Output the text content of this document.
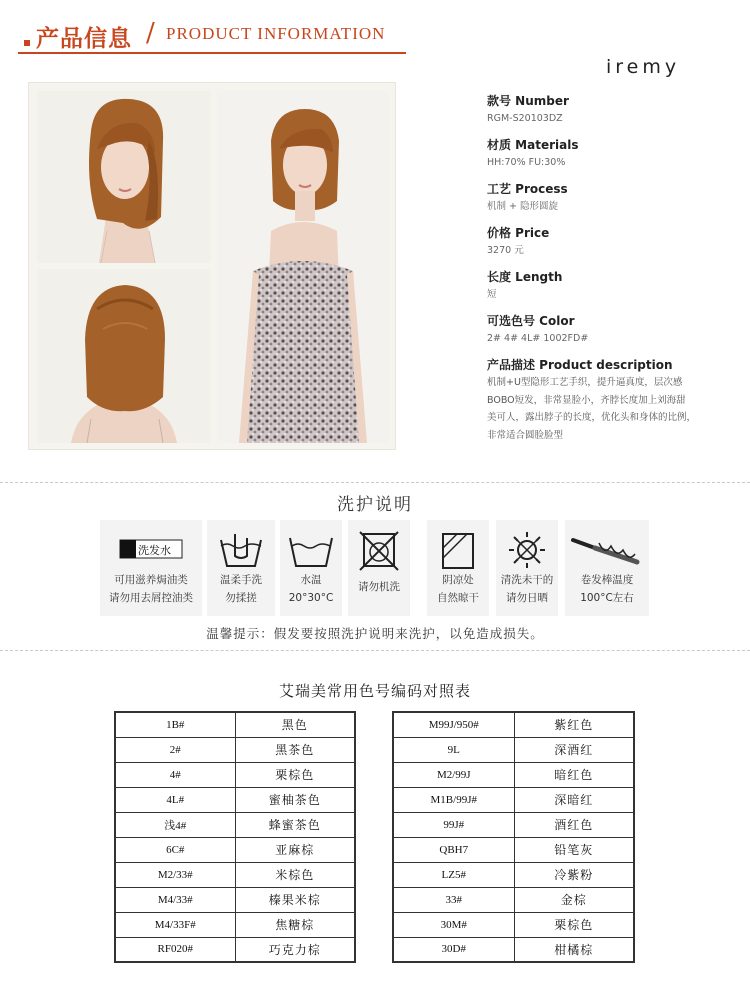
产品信息 / PRODUCT INFORMATION
iremy
款号 Number
RGM-S20103DZ
材质 Materials
HH:70% FU:30%
工艺 Process
机制 + 隐形圆旋
价格 Price
3270 元
长度 Length
短
可选色号 Color
2# 4# 4L# 1002FD#
产品描述 Product description
机制+U型隐形工艺手织，提升逼真度，层次感
BOBO短发，非常显脸小，齐脖长度加上刘海甜
美可人，露出脖子的长度，优化头和身体的比例，
非常适合圆脸脸型
洗护说明
洗发水
可用滋养焗油类
请勿用去屑控油类
温柔手洗
勿揉搓
水温
20°30°C
请勿机洗
阴凉处
自然晾干
清洗未干的
请勿日晒
卷发棒温度
100°C左右
温馨提示：假发要按照洗护说明来洗护，以免造成损失。
艾瑞美常用色号编码对照表
1B#	黑色
2#	黑茶色
4#	栗棕色
4L#	蜜柚茶色
浅4#	蜂蜜茶色
6C#	亚麻棕
M2/33#	米棕色
M4/33#	榛果米棕
M4/33F#	焦糖棕
RF020#	巧克力棕
M99J/950#	紫红色
9L	深酒红
M2/99J	暗红色
M1B/99J#	深暗红
99J#	酒红色
QBH7	铅笔灰
LZ5#	冷紫粉
33#	金棕
30M#	栗棕色
30D#	柑橘棕
